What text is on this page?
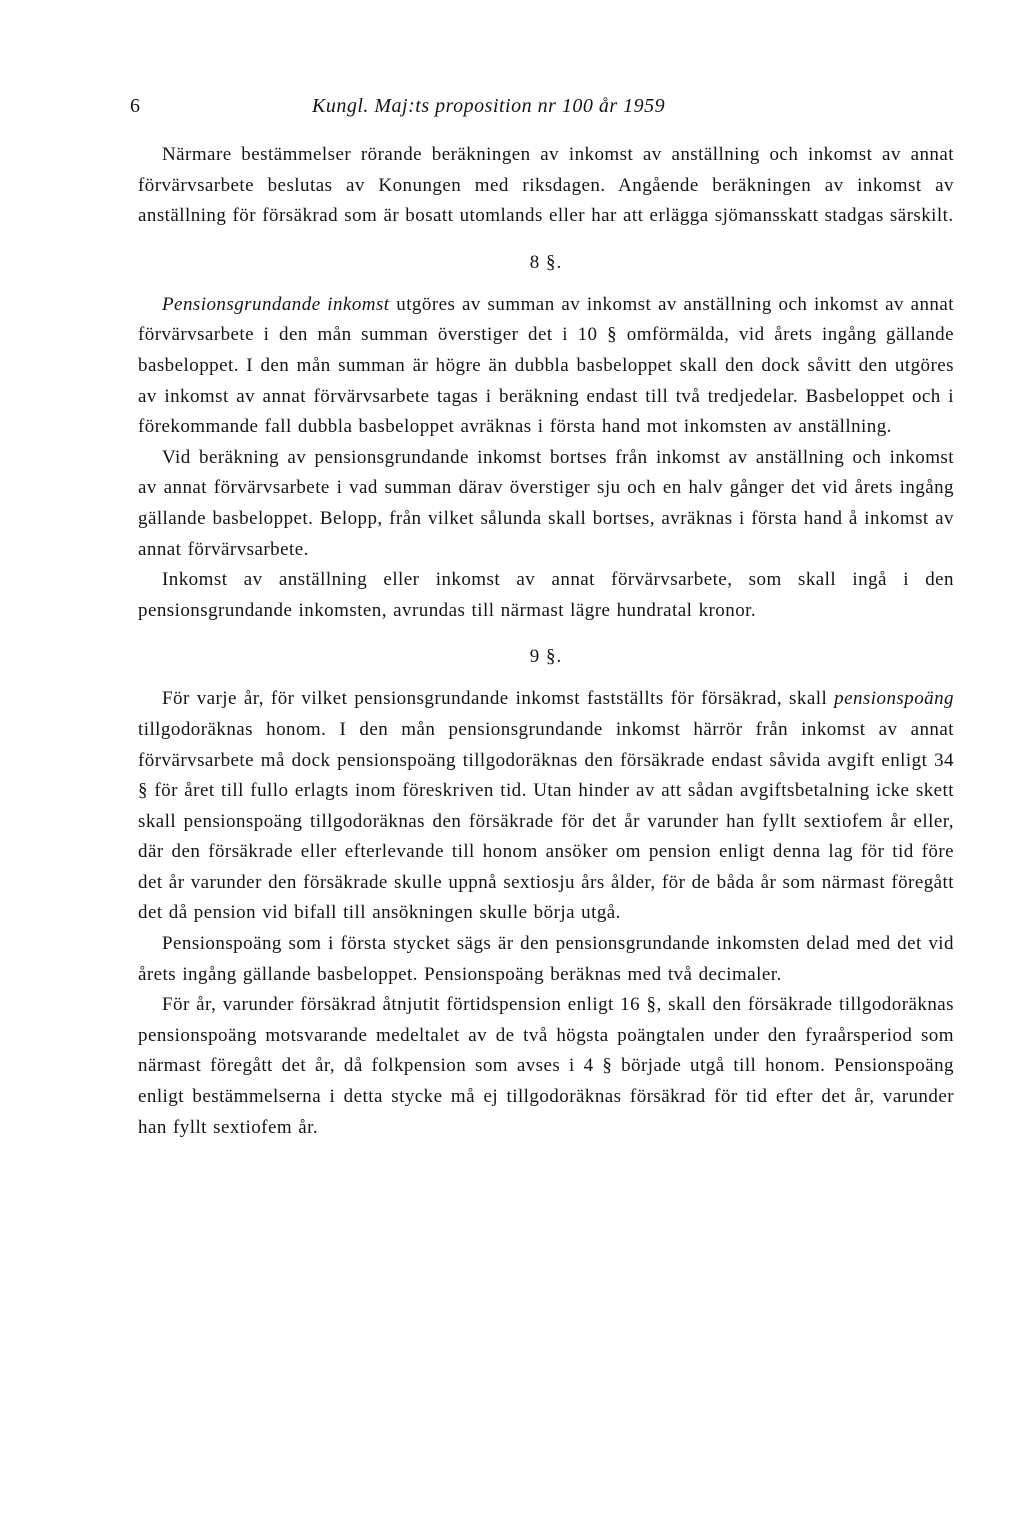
6	Kungl. Maj:ts proposition nr 100 år 1959

Närmare bestämmelser rörande beräkningen av inkomst av anställning och inkomst av annat förvärvsarbete beslutas av Konungen med riksdagen. Angående beräkningen av inkomst av anställning för försäkrad som är bosatt utomlands eller har att erlägga sjömansskatt stadgas särskilt.

8 §.

Pensionsgrundande inkomst utgöres av summan av inkomst av anställning och inkomst av annat förvärvsarbete i den mån summan överstiger det i 10 § omförmälda, vid årets ingång gällande basbeloppet. I den mån summan är högre än dubbla basbeloppet skall den dock såvitt den utgöres av inkomst av annat förvärvsarbete tagas i beräkning endast till två tredjedelar. Basbeloppet och i förekommande fall dubbla basbeloppet avräknas i första hand mot inkomsten av anställning.

Vid beräkning av pensionsgrundande inkomst bortses från inkomst av anställning och inkomst av annat förvärvsarbete i vad summan därav överstiger sju och en halv gånger det vid årets ingång gällande basbeloppet. Belopp, från vilket sålunda skall bortses, avräknas i första hand å inkomst av annat förvärvsarbete.

Inkomst av anställning eller inkomst av annat förvärvsarbete, som skall ingå i den pensionsgrundande inkomsten, avrundas till närmast lägre hundratal kronor.

9 §.

För varje år, för vilket pensionsgrundande inkomst fastställts för försäkrad, skall pensionspoäng tillgodoräknas honom. I den mån pensionsgrundande inkomst härrör från inkomst av annat förvärvsarbete må dock pensionspoäng tillgodoräknas den försäkrade endast såvida avgift enligt 34 § för året till fullo erlagts inom föreskriven tid. Utan hinder av att sådan avgiftsbetalning icke skett skall pensionspoäng tillgodoräknas den försäkrade för det år varunder han fyllt sextiofem år eller, där den försäkrade eller efterlevande till honom ansöker om pension enligt denna lag för tid före det år varunder den försäkrade skulle uppnå sextiosju års ålder, för de båda år som närmast föregått det då pension vid bifall till ansökningen skulle börja utgå.

Pensionspoäng som i första stycket sägs är den pensionsgrundande inkomsten delad med det vid årets ingång gällande basbeloppet. Pensionspoäng beräknas med två decimaler.

För år, varunder försäkrad åtnjutit förtidspension enligt 16 §, skall den försäkrade tillgodoräknas pensionspoäng motsvarande medeltalet av de två högsta poängtalen under den fyraårsperiod som närmast föregått det år, då folkpension som avses i 4 § började utgå till honom. Pensionspoäng enligt bestämmelserna i detta stycke må ej tillgodoräknas försäkrad för tid efter det år, varunder han fyllt sextiofem år.
